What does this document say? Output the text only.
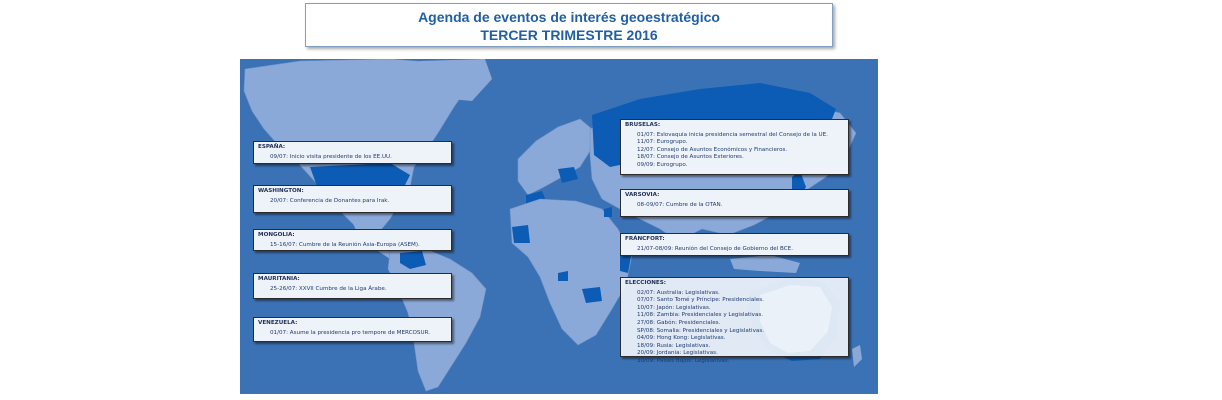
Agenda de eventos de interés geoestratégico
TERCER TRIMESTRE 2016
ESPAÑA:
09/07: Inicio visita presidente de los EE.UU.
WASHINGTON:
20/07: Conferencia de Donantes para Irak.
MONGOLIA:
15-16/07: Cumbre de la Reunión Asia-Europa (ASEM).
MAURITANIA:
25-26/07: XXVII Cumbre de la Liga Árabe.
VENEZUELA:
01/07: Asume la presidencia pro tempore de MERCOSUR.
BRUSELAS:
01/07: Eslovaquia inicia presidencia semestral del Consejo de la UE.
11/07: Eurogrupo.
12/07: Consejo de Asuntos Económicos y Financieros.
18/07: Consejo de Asuntos Exteriores.
09/09: Eurogrupo.
VARSOVIA:
08-09/07: Cumbre de la OTAN.
FRÁNCFORT:
21/07-08/09: Reunión del Consejo de Gobierno del BCE.
ELECCIONES:
02/07: Australia: Legislativas.
07/07: Santo Tomé y Príncipe: Presidenciales.
10/07: Japón: Legislativas.
11/08: Zambia: Presidenciales y Legislativas.
27/08: Gabón: Presidenciales.
SP/08: Somalia: Presidenciales y Legislativas.
04/09: Hong Kong: Legislativas.
18/09: Rusia: Legislativas.
20/09: Jordania: Legislativas.
30/09: Países Bajos: Legislativas.
